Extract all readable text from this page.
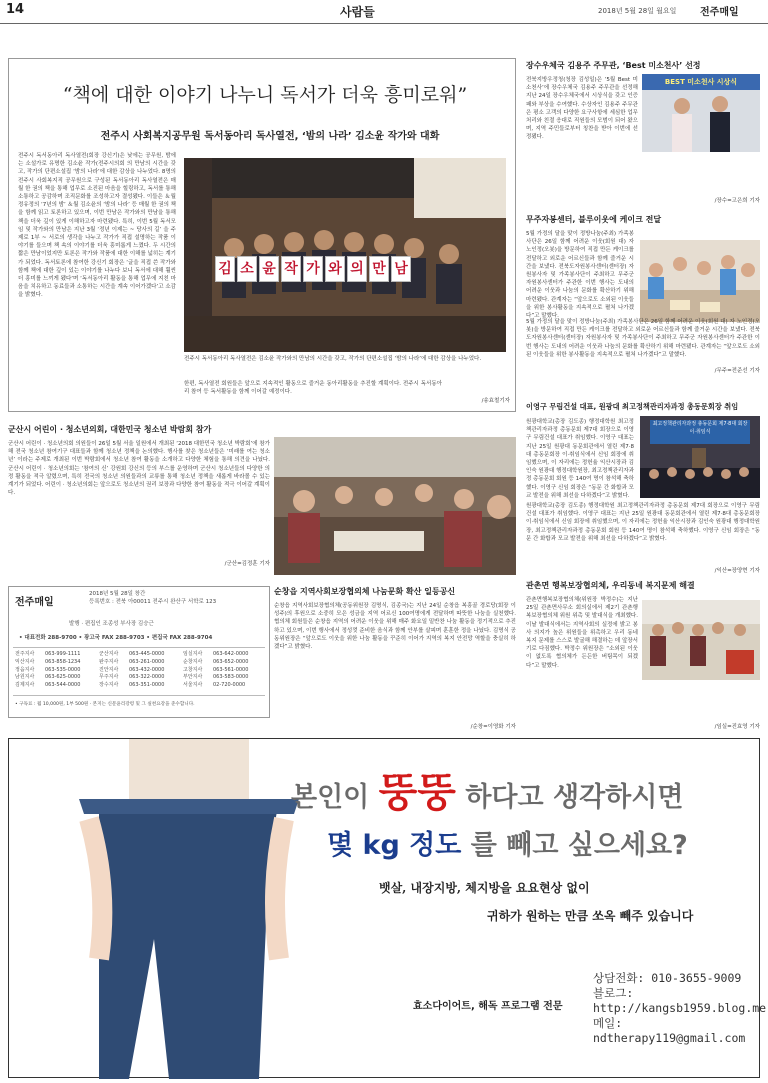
14	사람들	2018년 5월 28일 월요일 전주매일
“책에 대한 이야기 나누니 독서가 더욱 흥미로워”
전주시 사회복지공무원 독서동아리 독사열전, ‘밤의 나라’ 김소윤 작가와 대화
전주시 독서동아리 독사열전(회장 강신기)은 낮에는 공무원, 밤에는 소설가로 유명한 김소윤 작가(전주시의회 의 만남의 시간을 갖고, 작가의 단편소설집 ‘밤의 나라’에 대한 감상을 나누었다. 8명의 전주시 사회복지직 공무원으로 구성된 독서동아리 독사열전은 매월 한 권의 책을 통해 업무로 소진된 마음을 힐링하고, 독서를 통해 소통하고 공감하며 조직문화를 조성하고자 결성됐다. 이들은 ＆월 정유정의 ‘7년의 밤’ ＆월 김소윤의 ‘밤의 나라’ 등 매월 한 권의 책을 함께 읽고 토론하고 있으며, 이번 만남은 작가와의 만남을 통해 책을 더욱 깊이 있게 이해하고자 마련됐다. 특히, 이번 5월 독서모임 및 작가와의 만남은 지난 3월 ‘정년 이제는 ~ 당사의 길’ 을 주제로 1부 ~ 서로의 생각을 나누고 작가가 직접 설명하는 작품 이야기를 들으며 책 속의 이야기를 더욱 흥미롭게 느꼈다. 두 시간의 짧은 만남이었지만 토론은 작가와 작품에 대한 이해를 넓히는 계기가 되었다. 독서토론에 참여한 강신기 회장은 ‘글을 직접 쓴 작가와 함께 책에 대한 깊이 있는 이야기를 나누다 보니 독서에 대해 훨씬 더 흥미를 느끼게 됐다’며 ‘독서동아리 활동을 통해 업무에 지친 마음을 치유하고 동료들과 소통하는 시간을 계속 이어가겠다’고 소감을 밝혔다.
김 소 윤 작 가 와 의 만 남
전주시 독서동아리 독사열전은 김소윤 작가와의 만남의 시간을 갖고, 작가의 단편소설집 ‘밤의 나라’에 대한 감상을 나누었다.
한편, 독사열전 회원들은 앞으로 지속적인 활동으로 즐거운 동아리활동을 추진할 계획이다. 전주시 독서동아리 참여 등 독서활동을 함께 이어갈 예정이다.
/송효철기자
군산시 어린이 · 청소년의회, 대한민국 청소년 박람회 참가
군산시 어린이 · 청소년의회 의원들이 26일 5월 서울 일원에서 개최된 ‘2018 대한민국 청소년 박람회’에 참가해 전국 청소년 참여기구 대표들과 함께 청소년 정책을 논의했다. 행사를 찾은 청소년들은 ‘미래를 여는 청소년’ 이라는 주제로 개최된 이번 박람회에서 청소년 참여 활동을 소개하고 다양한 체험을 통해 의견을 나눴다. 군산시 어린이 · 청소년의회는 ‘참여의 신’ 강원회 강신의 등의 부스를 운영하며 군산시 청소년들의 다양한 의정 활동을 적극 알렸으며, 특히 전국의 청소년 의원들과의 교류를 통해 청소년 정책을 새롭게 바라볼 수 있는 계기가 되었다. 어린이 · 청소년의회는 앞으로도 청소년의 권리 보장과 다양한 참여 활동을 적극 이어갈 계획이다.
/군산=김정훈 기자
전주매일
2018년 5월 28일 창간
등록번호 : 전북 아00011 전주시 완산구 서학로 123
발행 · 편집인 조종성 부사장 김승근
• 대표전화 288-9700 • 광고국 FAX 288-9703 • 편집국 FAX 288-9704
전주지사
익산지사
정읍지사
남원지사
김제지사
063-999-1111
063-858-1234
063-535-0000
063-625-0000
063-544-0000
군산지사
완주지사
진안지사
무주지사
장수지사
063-445-0000
063-261-0000
063-432-0000
063-322-0000
063-351-0000
임실지사
순창지사
고창지사
부안지사
서울지사
063-642-0000
063-652-0000
063-561-0000
063-583-0000
02-720-0000
• 구독료 : 월 10,000원, 1부 500원 · 본지는 신문윤리강령 및 그 실천요강을 준수합니다.
순창읍 지역사회보장협의체 나눔문화 확산 일등공신
순창읍 지역사회보장협의체(공동위원장 김명식, 김종국)는 지난 24일 순창읍 복흥골 경로당(회장 이성주)의 후원으로 소중히 모은 성금을 지역 어르신 100여명에게 전달하며 따뜻한 나눔을 실천했다. 협의체 회원들은 순창읍 지역의 어려운 이웃을 위해 매주 화요일 밑반찬 나눔 활동을 정기적으로 추진하고 있으며, 이번 행사에서 정성껏 준비한 음식과 함께 안부를 살피며 훈훈한 정을 나눴다. 김명식 공동위원장은 “앞으로도 이웃을 위한 나눔 활동을 꾸준히 이어가 지역의 복지 안전망 역할을 충실히 하겠다”고 밝혔다.
/순창=이영화 기자
장수우체국 김용주 주무관, ‘Best 미소천사’ 선정
전북지방우정청(청장 김성일)은 ‘5월 Best 미소천사’에 장수우체국 김용주 주무관을 선정해 지난 24일 장수우체국에서 시상식을 갖고 인증패와 부상을 수여했다. 수상자인 김용주 주무관은 평소 고객의 다양한 요구사항에 세심한 업무처리와 친절 응대로 직원들의 모범이 되어 왔으며, 지역 주민들로부터 칭찬을 받아 이번에 선정됐다.
BEST 미소천사 시상식
/장수=고은희 기자
무주자봉센터, 블루이웃에 케이크 전달
5월 가정의 달을 맞이 정방나눔(주최) 가족봉사단은 26일 함께 어려운 이웃(회원 대) 자 노인정(오봇)을 방문하여 직접 만든 케이크를 전달하고 외로운 어르신들과 함께 즐거운 시간을 보냈다. 전북도자원봉사센터(센터장) 자원봉사자 및 가족봉사단이 주최하고 무주군 자원봉사센터가 주관한 이번 행사는 도내의 어려운 이웃과 나눔의 문화를 확산하기 위해 마련됐다. 관계자는 “앞으로도 소외된 이웃들을 위한 봉사활동을 지속적으로 펼쳐 나가겠다”고 말했다.
5월 가정의 달을 맞이 정방나눔(주최) 가족봉사단은 26일 함께 어려운 이웃(회원 대) 자 노인정(오봇)을 방문하여 직접 만든 케이크를 전달하고 외로운 어르신들과 함께 즐거운 시간을 보냈다. 전북도자원봉사센터(센터장) 자원봉사자 및 가족봉사단이 주최하고 무주군 자원봉사센터가 주관한 이번 행사는 도내의 어려운 이웃과 나눔의 문화를 확산하기 위해 마련됐다. 관계자는 “앞으로도 소외된 이웃들을 위한 봉사활동을 지속적으로 펼쳐 나가겠다”고 말했다.
/무주=전준선 기자
이영구 무림건설 대표, 원광대 최고정책관리자과정 총동문회장 취임
원광대학교(총장 김도종) 행정대학원 최고정책관리자과정 총동문회 제7대 회장으로 이영구 무림건설 대표가 취임했다. 이영구 대표는 지난 25일 원광대 동문회관에서 열린 제7·8대 총동문회장 이·취임식에서 신임 회장에 취임했으며, 이 자리에는 정헌율 익산시장과 김인숙 원광대 행정대학원장, 최고정책관리자과정 총동문회 회원 등 140여 명이 참석해 축하했다. 이영구 신임 회장은 “동문 간 화합과 모교 발전을 위해 최선을 다하겠다”고 밝혔다.
최고정책관리자과정 총동문회 제7·8대 회장 이·취임식
원광대학교(총장 김도종) 행정대학원 최고정책관리자과정 총동문회 제7대 회장으로 이영구 무림건설 대표가 취임했다. 이영구 대표는 지난 25일 원광대 동문회관에서 열린 제7·8대 총동문회장 이·취임식에서 신임 회장에 취임했으며, 이 자리에는 정헌율 익산시장과 김인숙 원광대 행정대학원장, 최고정책관리자과정 총동문회 회원 등 140여 명이 참석해 축하했다. 이영구 신임 회장은 “동문 간 화합과 모교 발전을 위해 최선을 다하겠다”고 밝혔다.
/익산=장양현 기자
관촌면 행복보장협의체, 우리동네 복지문제 해결
관촌면행복보장협의체(위원장 박정수)는 지난 25일 관촌면사무소 회의실에서 제2기 관촌행복보장협의체 위원 위촉 및 발대식을 개최했다. 이날 발대식에서는 지역사회의 실정에 밝고 봉사 의지가 높은 위원들을 위촉하고 우리 동네 복지 문제를 스스로 발굴해 해결하는 데 앞장서기로 다짐했다. 박정수 위원장은 “소외된 이웃이 없도록 협의체가 든든한 버팀목이 되겠다”고 말했다.
/임실=진효영 기자
본인이 뚱뚱 하다고 생각하시면
몇 kg 정도 를 빼고 싶으세요?
뱃살, 내장지방, 체지방을 요요현상 없이
귀하가 원하는 만큼 쏘옥 빼주 있습니다
효소다이어트, 해독 프로그램 전문
상담전화: 010-3655-9009
블로그: http://kangsb1959.blog.me
메일: ndtherapy119@gmail.com
